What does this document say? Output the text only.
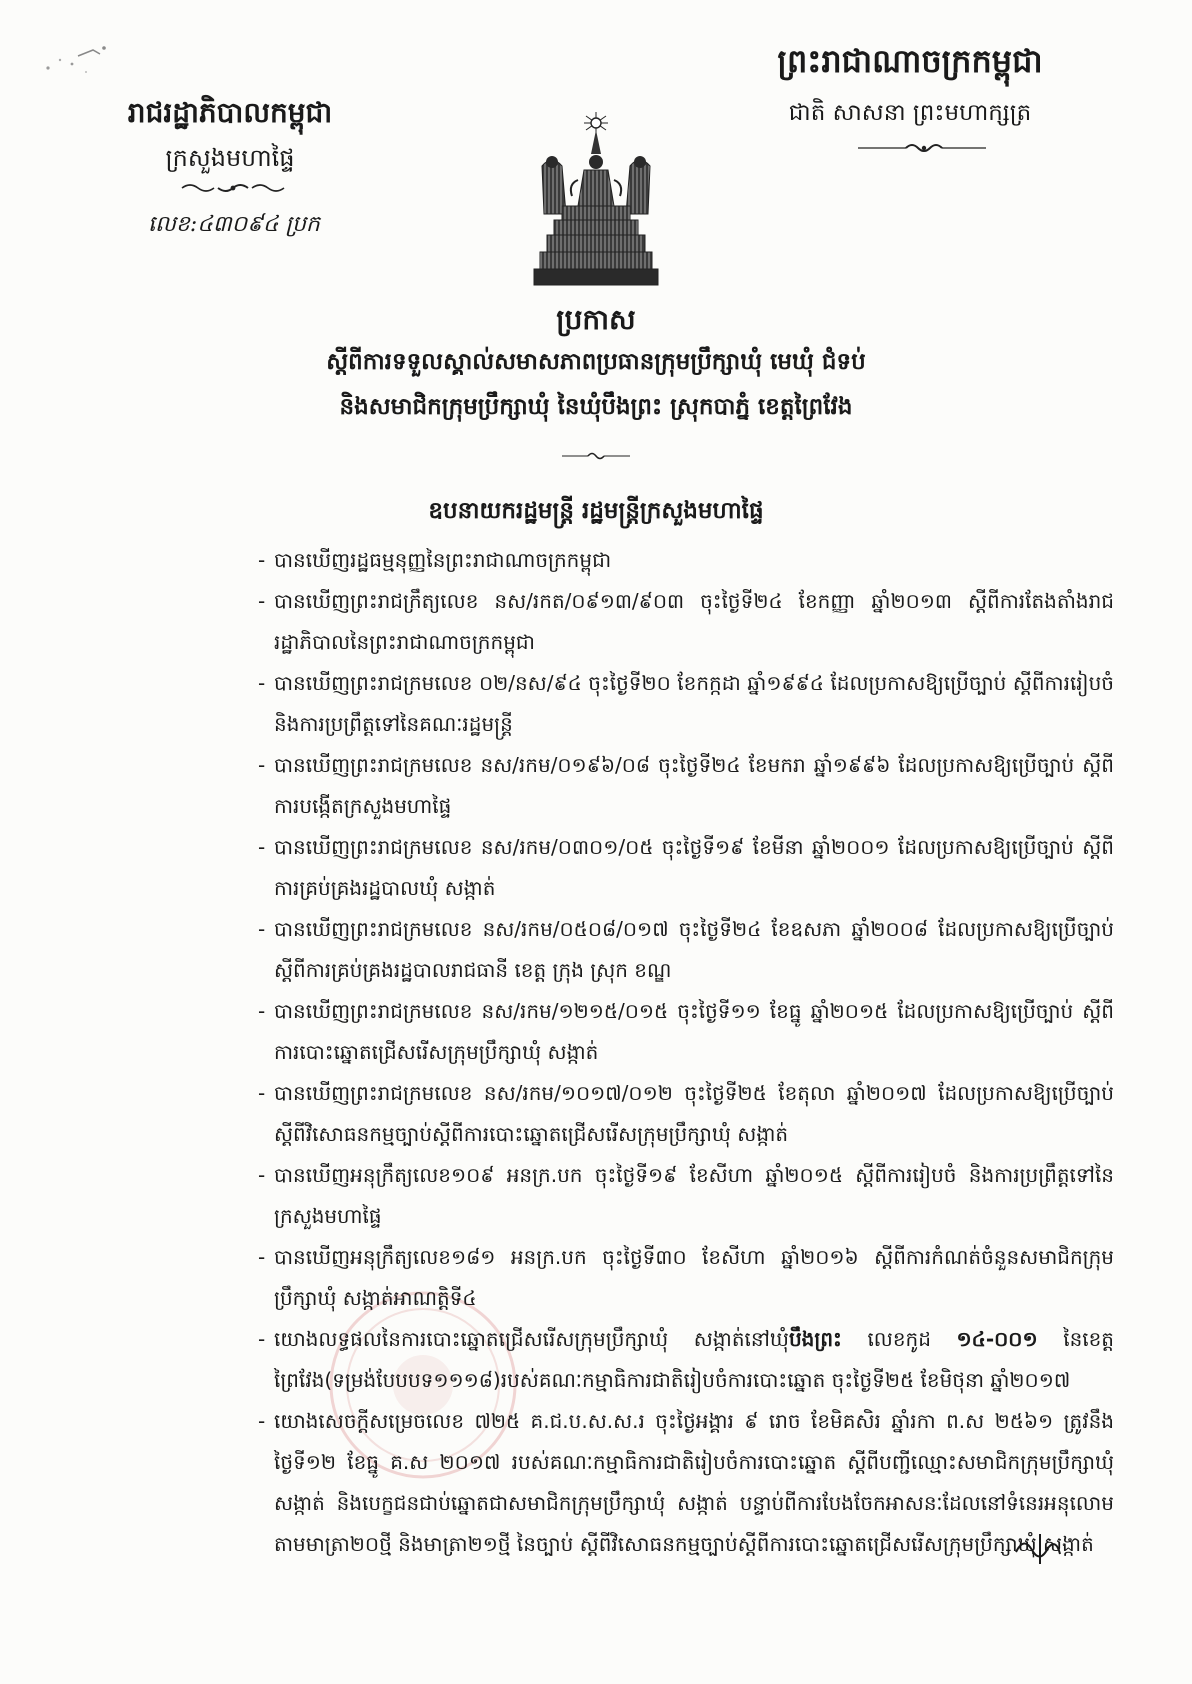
រាជរដ្ឋាភិបាលកម្ពុជា
ក្រសួងមហាផ្ទៃ
លេខ:៤៣០៩៤ ប្រក
ព្រះរាជាណាចក្រកម្ពុជា
ជាតិ សាសនា ព្រះមហាក្សត្រ
ប្រកាស
ស្តីពីការទទួលស្គាល់សមាសភាពប្រធានក្រុមប្រឹក្សាឃុំ មេឃុំ ជំទប់
និងសមាជិកក្រុមប្រឹក្សាឃុំ នៃឃុំបឹងព្រះ ស្រុកបាភ្នំ ខេត្តព្រៃវែង
ឧបនាយករដ្ឋមន្ត្រី រដ្ឋមន្ត្រីក្រសួងមហាផ្ទៃ
- បានឃើញរដ្ឋធម្មនុញ្ញនៃព្រះរាជាណាចក្រកម្ពុជា
- បានឃើញព្រះរាជក្រឹត្យលេខ នស/រកត/០៩១៣/៩០៣ ចុះថ្ងៃទី២៤ ខែកញ្ញា ឆ្នាំ២០១៣ ស្តីពីការតែងតាំងរាជរដ្ឋាភិបាលនៃព្រះរាជាណាចក្រកម្ពុជា
- បានឃើញព្រះរាជក្រមលេខ ០២/នស/៩៤ ចុះថ្ងៃទី២០ ខែកក្កដា ឆ្នាំ១៩៩៤ ដែលប្រកាសឱ្យប្រើច្បាប់ ស្តីពីការរៀបចំ និងការប្រព្រឹត្តទៅនៃគណៈរដ្ឋមន្ត្រី
- បានឃើញព្រះរាជក្រមលេខ នស/រកម/០១៩៦/០៨ ចុះថ្ងៃទី២៤ ខែមករា ឆ្នាំ១៩៩៦ ដែលប្រកាសឱ្យប្រើច្បាប់ ស្តីពីការបង្កើតក្រសួងមហាផ្ទៃ
- បានឃើញព្រះរាជក្រមលេខ នស/រកម/០៣០១/០៥ ចុះថ្ងៃទី១៩ ខែមីនា ឆ្នាំ២០០១ ដែលប្រកាសឱ្យប្រើច្បាប់ ស្តីពីការគ្រប់គ្រងរដ្ឋបាលឃុំ សង្កាត់
- បានឃើញព្រះរាជក្រមលេខ នស/រកម/០៥០៨/០១៧ ចុះថ្ងៃទី២៤ ខែឧសភា ឆ្នាំ២០០៨ ដែលប្រកាសឱ្យប្រើច្បាប់ ស្តីពីការគ្រប់គ្រងរដ្ឋបាលរាជធានី ខេត្ត ក្រុង ស្រុក ខណ្ឌ
- បានឃើញព្រះរាជក្រមលេខ នស/រកម/១២១៥/០១៥ ចុះថ្ងៃទី១១ ខែធ្នូ ឆ្នាំ២០១៥ ដែលប្រកាសឱ្យប្រើច្បាប់ ស្តីពីការបោះឆ្នោតជ្រើសរើសក្រុមប្រឹក្សាឃុំ សង្កាត់
- បានឃើញព្រះរាជក្រមលេខ នស/រកម/១០១៧/០១២ ចុះថ្ងៃទី២៥ ខែតុលា ឆ្នាំ២០១៧ ដែលប្រកាសឱ្យប្រើច្បាប់ ស្តីពីវិសោធនកម្មច្បាប់ស្តីពីការបោះឆ្នោតជ្រើសរើសក្រុមប្រឹក្សាឃុំ សង្កាត់
- បានឃើញអនុក្រឹត្យលេខ១០៩ អនក្រ.បក ចុះថ្ងៃទី១៩ ខែសីហា ឆ្នាំ២០១៥ ស្តីពីការរៀបចំ និងការប្រព្រឹត្តទៅនៃក្រសួងមហាផ្ទៃ
- បានឃើញអនុក្រឹត្យលេខ១៨១ អនក្រ.បក ចុះថ្ងៃទី៣០ ខែសីហា ឆ្នាំ២០១៦ ស្តីពីការកំណត់ចំនួនសមាជិកក្រុមប្រឹក្សាឃុំ សង្កាត់អាណត្តិទី៤
- យោងលទ្ធផលនៃការបោះឆ្នោតជ្រើសរើសក្រុមប្រឹក្សាឃុំ សង្កាត់នៅឃុំបឹងព្រះ លេខកូដ ១៤-០០១ នៃខេត្តព្រៃវែង(ទម្រង់បែបបទ១១១៨)របស់គណៈកម្មាធិការជាតិរៀបចំការបោះឆ្នោត ចុះថ្ងៃទី២៥ ខែមិថុនា ឆ្នាំ២០១៧
- យោងសេចក្តីសម្រេចលេខ ៧២៥ គ.ជ.ប.ស.ស.រ ចុះថ្ងៃអង្គារ ៩ រោច ខែមិគសិរ ឆ្នាំរកា ព.ស ២៥៦១ ត្រូវនឹងថ្ងៃទី១២ ខែធ្នូ គ.ស ២០១៧ របស់គណៈកម្មាធិការជាតិរៀបចំការបោះឆ្នោត ស្តីពីបញ្ជីឈ្មោះសមាជិកក្រុមប្រឹក្សាឃុំ សង្កាត់ និងបេក្ខជនជាប់ឆ្នោតជាសមាជិកក្រុមប្រឹក្សាឃុំ សង្កាត់ បន្ទាប់ពីការបែងចែកអាសនៈដែលនៅទំនេរអនុលោមតាមមាត្រា២០ថ្មី និងមាត្រា២១ថ្មី នៃច្បាប់ ស្តីពីវិសោធនកម្មច្បាប់ស្តីពីការបោះឆ្នោតជ្រើសរើសក្រុមប្រឹក្សាឃុំ សង្កាត់
